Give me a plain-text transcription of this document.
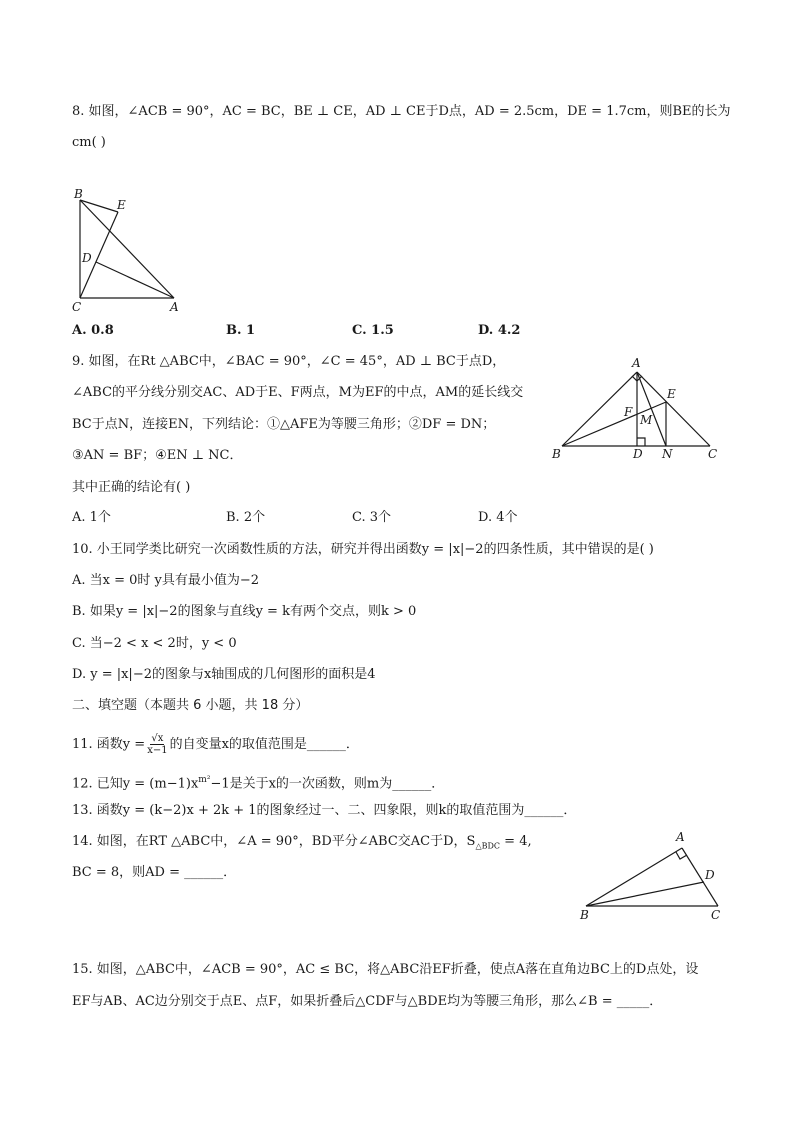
8. 如图，∠ACB = 90°，AC = BC，BE ⊥ CE，AD ⊥ CE于D点，AD = 2.5cm，DE = 1.7cm，则BE的长为
cm( )
B
E
D
C	A
A. 0.8	B. 1	C. 1.5	D. 4.2
9. 如图，在Rt △ABC中，∠BAC = 90°，∠C = 45°，AD ⊥ BC于点D，
∠ABC的平分线分别交AC、AD于E、F两点，M为EF的中点，AM的延长线交
BC于点N，连接EN，下列结论：①△AFE为等腰三角形；②DF = DN；
③AN = BF；④EN ⊥ NC．
其中正确的结论有( )
A
E
F
M
B	D N	C
A. 1个	B. 2个	C. 3个	D. 4个
10. 小王同学类比研究一次函数性质的方法，研究并得出函数y = |x|−2的四条性质，其中错误的是( )
A. 当x = 0时 y具有最小值为−2
B. 如果y = |x|−2的图象与直线y = k有两个交点，则k > 0
C. 当−2 < x < 2时，y < 0
D. y = |x|−2的图象与x轴围成的几何图形的面积是4
二、填空题（本题共 6 小题，共 18 分）
11. 函数$y = \frac{√x}{x-1}$ 的自变量x的取值范围是______．
12. 已知$y = (m-1)x^{m^2}-1$是关于x的一次函数，则m为______．
13. 函数y = (k−2)x + 2k + 1的图象经过一、二、四象限，则k的取值范围为______．
14. 如图，在RT △ABC中，∠A = 90°，BD平分∠ABC交AC于D，$S_{\triangle BDC} = 4$,
BC = 8，则AD = ______．
A
D
B	C
15. 如图，△ABC中，∠ACB = 90°，AC ≤ BC，将△ABC沿EF折叠，使点A落在直角边BC上的D点处，设
EF与AB、AC边分别交于点E、点F，如果折叠后△CDF与△BDE均为等腰三角形，那么∠B = _____．
